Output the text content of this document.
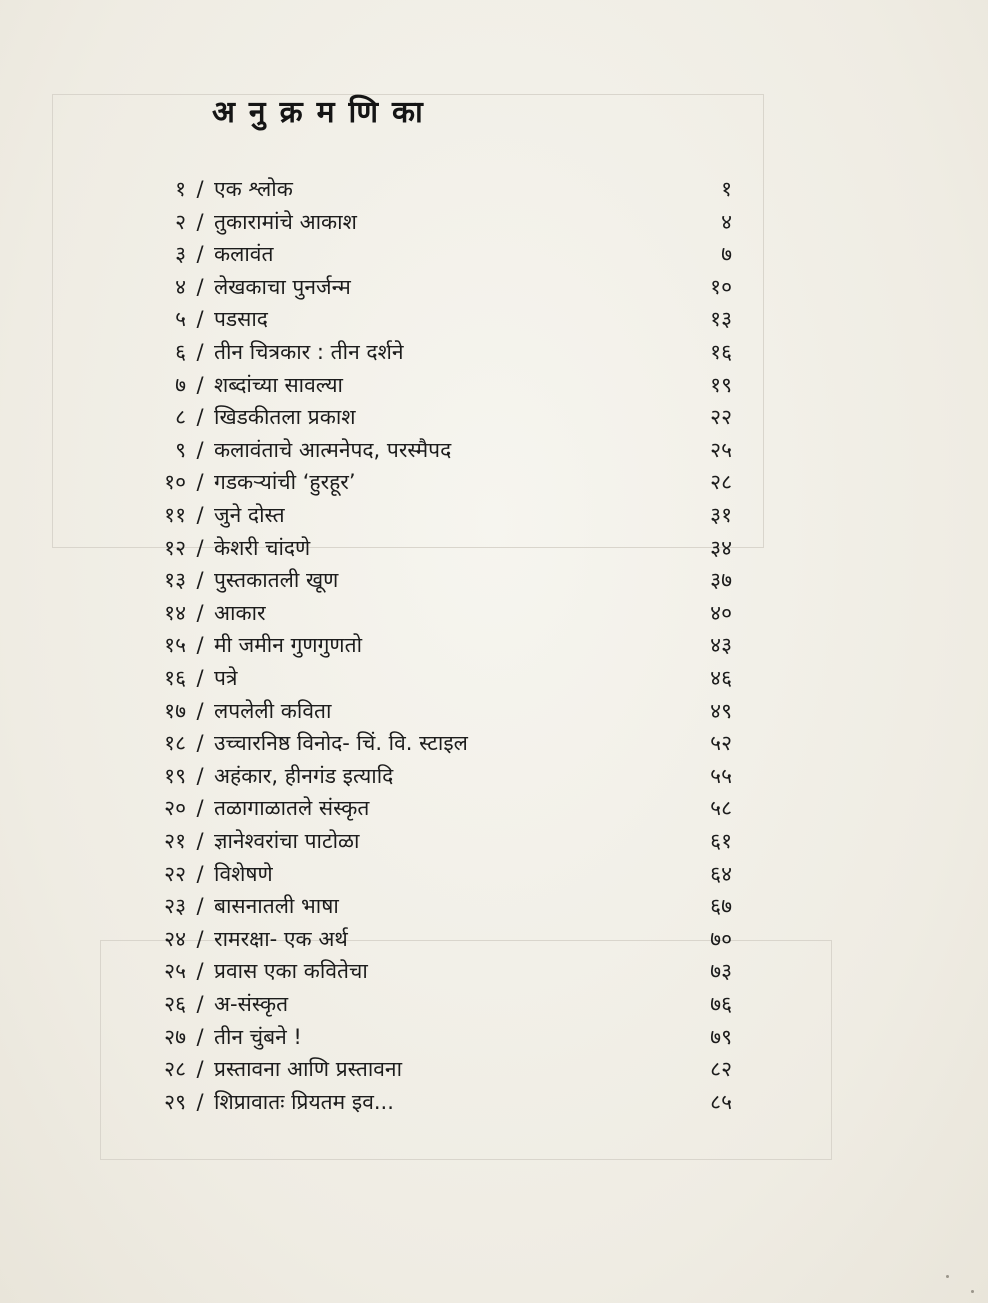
अनुक्रमणिका
१ / एक श्लोक	१
२ / तुकारामांचे आकाश	४
३ / कलावंत	७
४ / लेखकाचा पुनर्जन्म	१०
५ / पडसाद	१३
६ / तीन चित्रकार : तीन दर्शने	१६
७ / शब्दांच्या सावल्या	१९
८ / खिडकीतला प्रकाश	२२
९ / कलावंताचे आत्मनेपद, परस्मैपद	२५
१० / गडकऱ्यांची ‘हुरहूर’	२८
११ / जुने दोस्त	३१
१२ / केशरी चांदणे	३४
१३ / पुस्तकातली खूण	३७
१४ / आकार	४०
१५ / मी जमीन गुणगुणतो	४३
१६ / पत्रे	४६
१७ / लपलेली कविता	४९
१८ / उच्चारनिष्ठ विनोद- चिं. वि. स्टाइल	५२
१९ / अहंकार, हीनगंड इत्यादि	५५
२० / तळागाळातले संस्कृत	५८
२१ / ज्ञानेश्वरांचा पाटोळा	६१
२२ / विशेषणे	६४
२३ / बासनातली भाषा	६७
२४ / रामरक्षा- एक अर्थ	७०
२५ / प्रवास एका कवितेचा	७३
२६ / अ-संस्कृत	७६
२७ / तीन चुंबने !	७९
२८ / प्रस्तावना आणि प्रस्तावना	८२
२९ / शिप्रावातः प्रियतम इव...	८५
